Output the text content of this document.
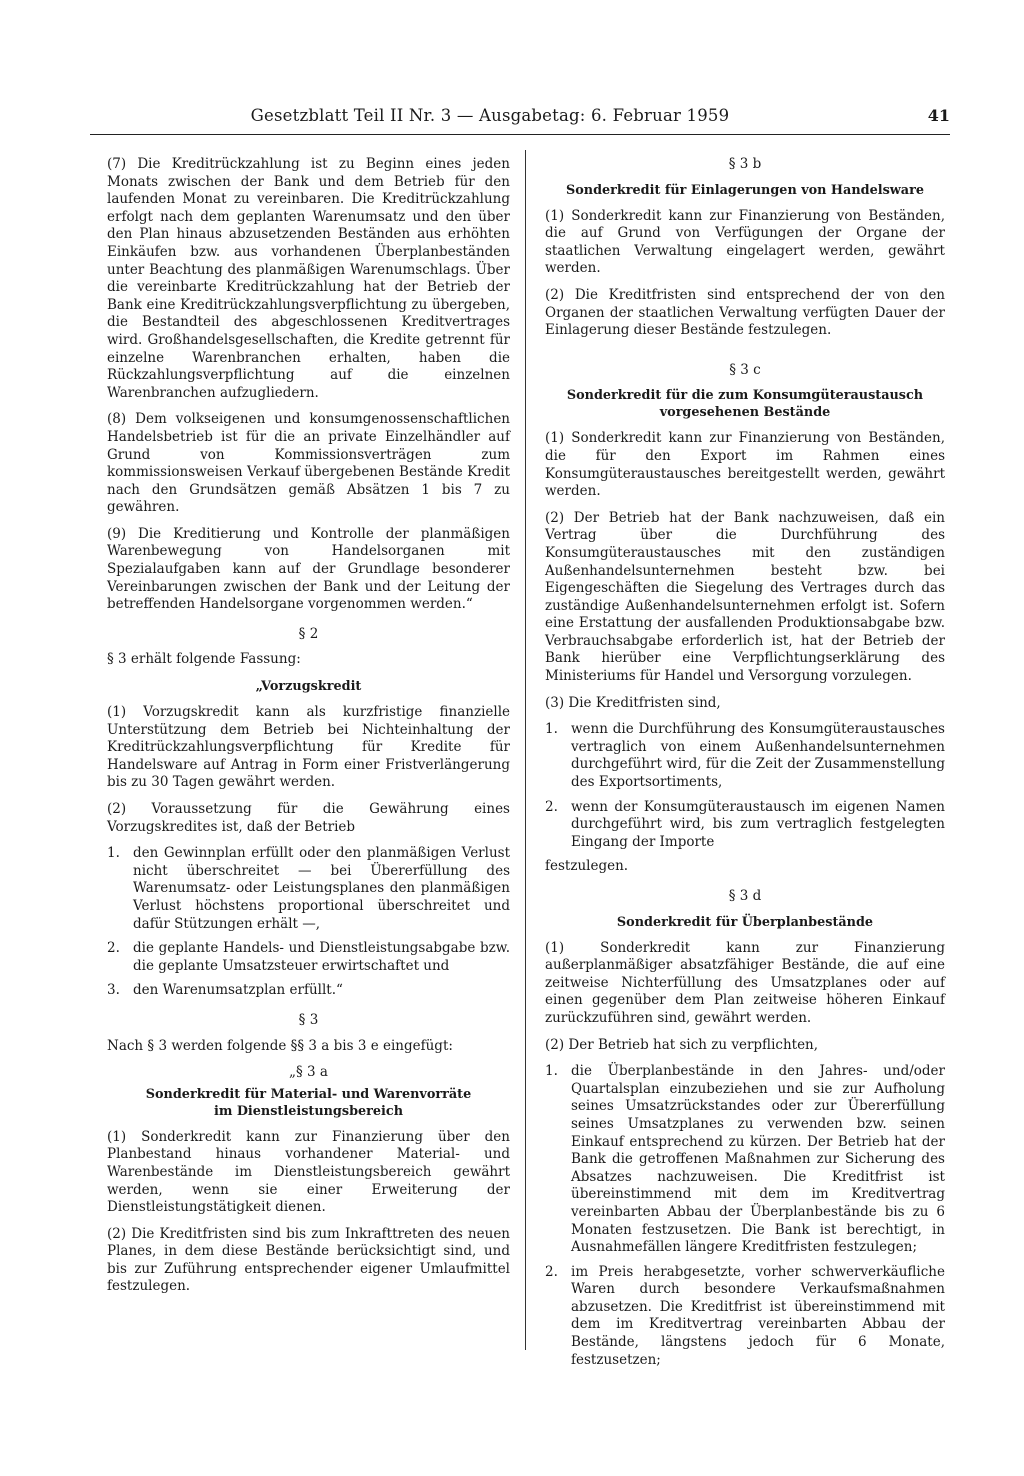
Gesetzblatt Teil II Nr. 3 — Ausgabetag: 6. Februar 1959	41

(7) Die Kreditrückzahlung ist zu Beginn eines jeden Monats zwischen der Bank und dem Betrieb für den laufenden Monat zu vereinbaren. Die Kreditrückzahlung erfolgt nach dem geplanten Warenumsatz und den über den Plan hinaus abzusetzenden Beständen aus erhöhten Einkäufen bzw. aus vorhandenen Überplanbeständen unter Beachtung des planmäßigen Warenumschlags. Über die vereinbarte Kreditrückzahlung hat der Betrieb der Bank eine Kreditrückzahlungsverpflichtung zu übergeben, die Bestandteil des abgeschlossenen Kreditvertrages wird. Großhandelsgesellschaften, die Kredite getrennt für einzelne Warenbranchen erhalten, haben die Rückzahlungsverpflichtung auf die einzelnen Warenbranchen aufzugliedern.

(8) Dem volkseigenen und konsumgenossenschaftlichen Handelsbetrieb ist für die an private Einzelhändler auf Grund von Kommissionsverträgen zum kommissionsweisen Verkauf übergebenen Bestände Kredit nach den Grundsätzen gemäß Absätzen 1 bis 7 zu gewähren.

(9) Die Kreditierung und Kontrolle der planmäßigen Warenbewegung von Handelsorganen mit Spezialaufgaben kann auf der Grundlage besonderer Vereinbarungen zwischen der Bank und der Leitung der betreffenden Handelsorgane vorgenommen werden.“

§ 2

§ 3 erhält folgende Fassung:

„Vorzugskredit

(1) Vorzugskredit kann als kurzfristige finanzielle Unterstützung dem Betrieb bei Nichteinhaltung der Kreditrückzahlungsverpflichtung für Kredite für Handelsware auf Antrag in Form einer Fristverlängerung bis zu 30 Tagen gewährt werden.

(2) Voraussetzung für die Gewährung eines Vorzugskredites ist, daß der Betrieb

1. den Gewinnplan erfüllt oder den planmäßigen Verlust nicht überschreitet — bei Übererfüllung des Warenumsatz- oder Leistungsplanes den planmäßigen Verlust höchstens proportional überschreitet und dafür Stützungen erhält —,
2. die geplante Handels- und Dienstleistungsabgabe bzw. die geplante Umsatzsteuer erwirtschaftet und
3. den Warenumsatzplan erfüllt.“
§ 3

Nach § 3 werden folgende §§ 3 a bis 3 e eingefügt:

„§ 3 a
Sonderkredit für Material- und Warenvorräte
im Dienstleistungsbereich

(1) Sonderkredit kann zur Finanzierung über den Planbestand hinaus vorhandener Material- und Warenbestände im Dienstleistungsbereich gewährt werden, wenn sie einer Erweiterung der Dienstleistungstätigkeit dienen.

(2) Die Kreditfristen sind bis zum Inkrafttreten des neuen Planes, in dem diese Bestände berücksichtigt sind, und bis zur Zuführung entsprechender eigener Umlaufmittel festzulegen.

§ 3 b
Sonderkredit für Einlagerungen von Handelsware

(1) Sonderkredit kann zur Finanzierung von Beständen, die auf Grund von Verfügungen der Organe der staatlichen Verwaltung eingelagert werden, gewährt werden.

(2) Die Kreditfristen sind entsprechend der von den Organen der staatlichen Verwaltung verfügten Dauer der Einlagerung dieser Bestände festzulegen.

§ 3 c
Sonderkredit für die zum Konsumgüteraustausch
vorgesehenen Bestände

(1) Sonderkredit kann zur Finanzierung von Beständen, die für den Export im Rahmen eines Konsumgüteraustausches bereitgestellt werden, gewährt werden.

(2) Der Betrieb hat der Bank nachzuweisen, daß ein Vertrag über die Durchführung des Konsumgüteraustausches mit den zuständigen Außenhandelsunternehmen besteht bzw. bei Eigengeschäften die Siegelung des Vertrages durch das zuständige Außenhandelsunternehmen erfolgt ist. Sofern eine Erstattung der ausfallenden Produktionsabgabe bzw. Verbrauchsabgabe erforderlich ist, hat der Betrieb der Bank hierüber eine Verpflichtungserklärung des Ministeriums für Handel und Versorgung vorzulegen.

(3) Die Kreditfristen sind,

1. wenn die Durchführung des Konsumgüteraustausches vertraglich von einem Außenhandelsunternehmen durchgeführt wird, für die Zeit der Zusammenstellung des Exportsortiments,
2. wenn der Konsumgüteraustausch im eigenen Namen durchgeführt wird, bis zum vertraglich festgelegten Eingang der Importe

festzulegen.

§ 3 d
Sonderkredit für Überplanbestände

(1) Sonderkredit kann zur Finanzierung außerplanmäßiger absatzfähiger Bestände, die auf eine zeitweise Nichterfüllung des Umsatzplanes oder auf einen gegenüber dem Plan zeitweise höheren Einkauf zurückzuführen sind, gewährt werden.

(2) Der Betrieb hat sich zu verpflichten,

1. die Überplanbestände in den Jahres- und/oder Quartalsplan einzubeziehen und sie zur Aufholung seines Umsatzrückstandes oder zur Übererfüllung seines Umsatzplanes zu verwenden bzw. seinen Einkauf entsprechend zu kürzen. Der Betrieb hat der Bank die getroffenen Maßnahmen zur Sicherung des Absatzes nachzuweisen. Die Kreditfrist ist übereinstimmend mit dem im Kreditvertrag vereinbarten Abbau der Überplanbestände bis zu 6 Monaten festzusetzen. Die Bank ist berechtigt, in Ausnahmefällen längere Kreditfristen festzulegen;
2. im Preis herabgesetzte, vorher schwerverkäufliche Waren durch besondere Verkaufsmaßnahmen abzusetzen. Die Kreditfrist ist übereinstimmend mit dem im Kreditvertrag vereinbarten Abbau der Bestände, längstens jedoch für 6 Monate, festzusetzen;
